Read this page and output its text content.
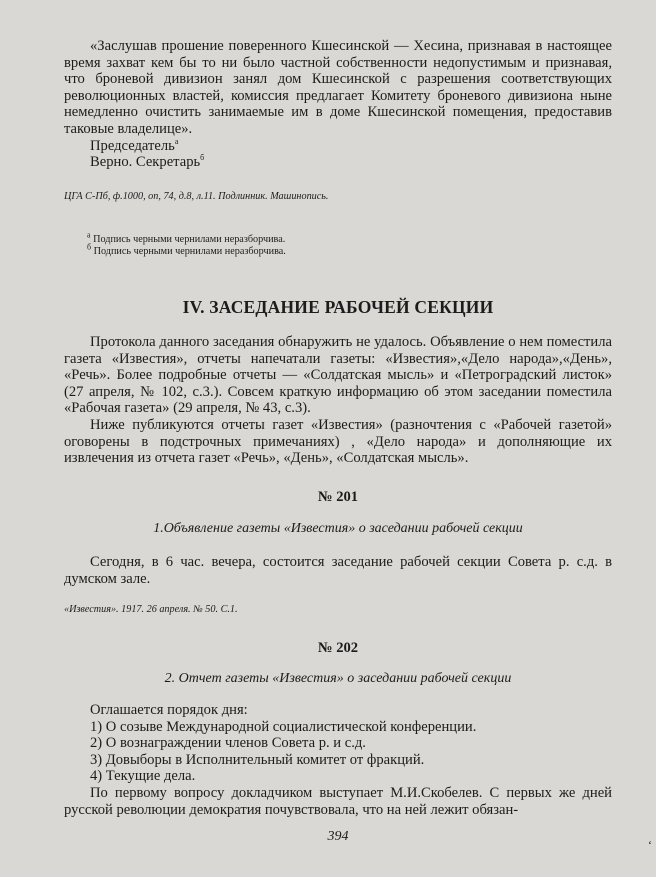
«Заслушав прошение поверенного Кшесинской — Хесина, признавая в настоящее время захват кем бы то ни было частной собственности недопустимым и признавая, что броневой дивизион занял дом Кшесинской с разрешения соответствующих революционных властей, комиссия предлагает Комитету броневого дивизиона ныне немедленно очистить занимаемые им в доме Кшесинской помещения, предоставив таковые владелице».

Председатель$^а$

Верно. Секретарь$^б$

ЦГА С-Пб, ф.1000, оп, 74, д.8, л.11. Подлинник. Машинопись.

$^а$ Подпись черными чернилами неразборчива.

$^б$ Подпись черными чернилами неразборчива.

IV. ЗАСЕДАНИЕ РАБОЧЕЙ СЕКЦИИ

Протокола данного заседания обнаружить не удалось. Объявление о нем поместила газета «Известия», отчеты напечатали газеты: «Известия»,«Дело народа»,«День», «Речь». Более подробные отчеты — «Солдатская мысль» и «Петроградский листок» (27 апреля, № 102, с.3.). Совсем краткую информацию об этом заседании поместила «Рабочая газета» (29 апреля, № 43, с.3).

Ниже публикуются отчеты газет «Известия» (разночтения с «Рабочей газетой» оговорены в подстрочных примечаниях) , «Дело народа» и дополняющие их извлечения из отчета газет «Речь», «День», «Солдатская мысль».

№ 201
1.Объявление газеты «Известия» о заседании рабочей секции

Сегодня, в 6 час. вечера, состоится заседание рабочей секции Совета р. с.д. в думском зале.

«Известия». 1917. 26 апреля. № 50. С.1.
№ 202
2. Отчет газеты «Известия» о заседании рабочей секции

Оглашается порядок дня:

1) О созыве Международной социалистической конференции.

2) О вознаграждении членов Совета р. и с.д.

3) Довыборы в Исполнительный комитет от фракций.

4) Текущие дела.

По первому вопросу докладчиком выступает М.И.Скобелев. С первых же дней русской революции демократия почувствовала, что на ней лежит обязан-

394
‘
